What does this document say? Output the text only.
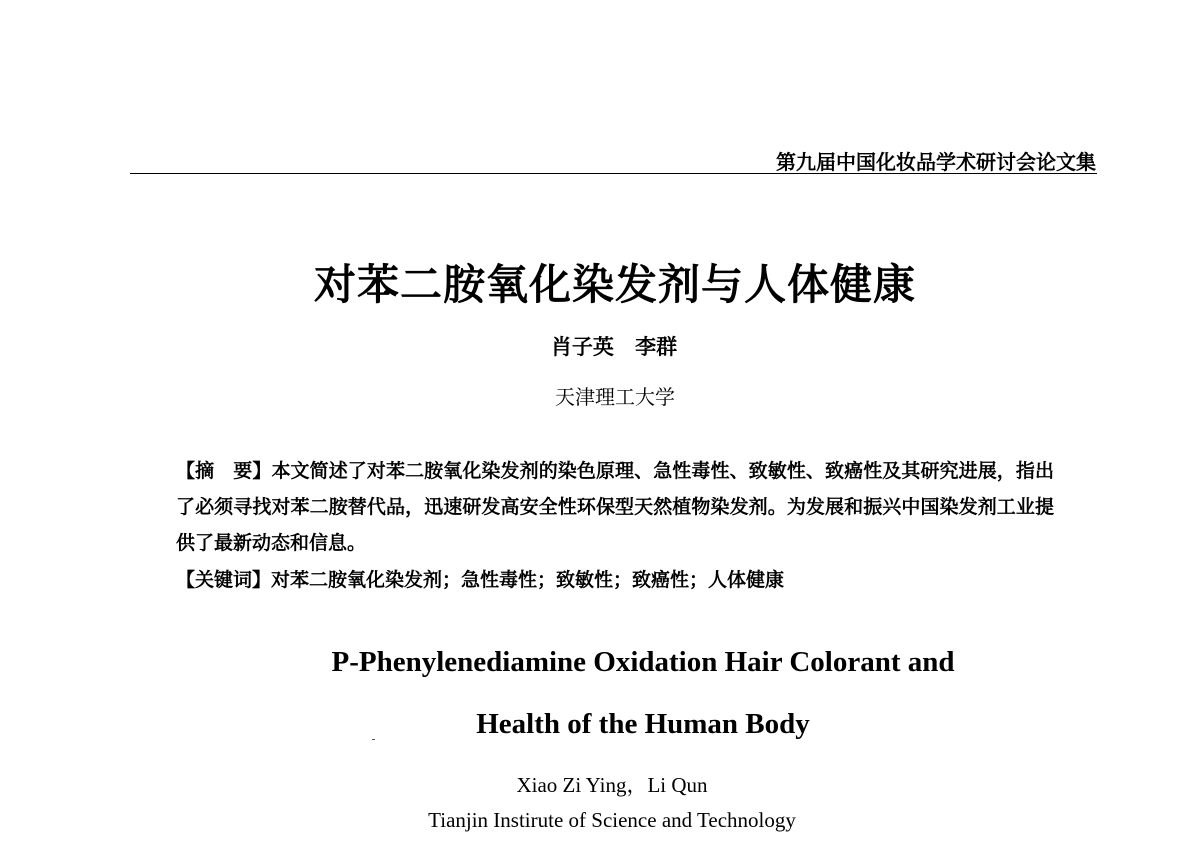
第九届中国化妆品学术研讨会论文集
对苯二胺氧化染发剂与人体健康
肖子英 李群
天津理工大学
【摘　要】本文简述了对苯二胺氧化染发剂的染色原理、急性毒性、致敏性、致癌性及其研究进展，指出了必须寻找对苯二胺替代品，迅速研发高安全性环保型天然植物染发剂。为发展和振兴中国染发剂工业提供了最新动态和信息。
【关键词】对苯二胺氧化染发剂；急性毒性；致敏性；致癌性；人体健康
P-Phenylenediamine Oxidation Hair Colorant and
Health of the Human Body
Xiao Zi Ying，Li Qun
Tianjin Instirute of Science and Technology
